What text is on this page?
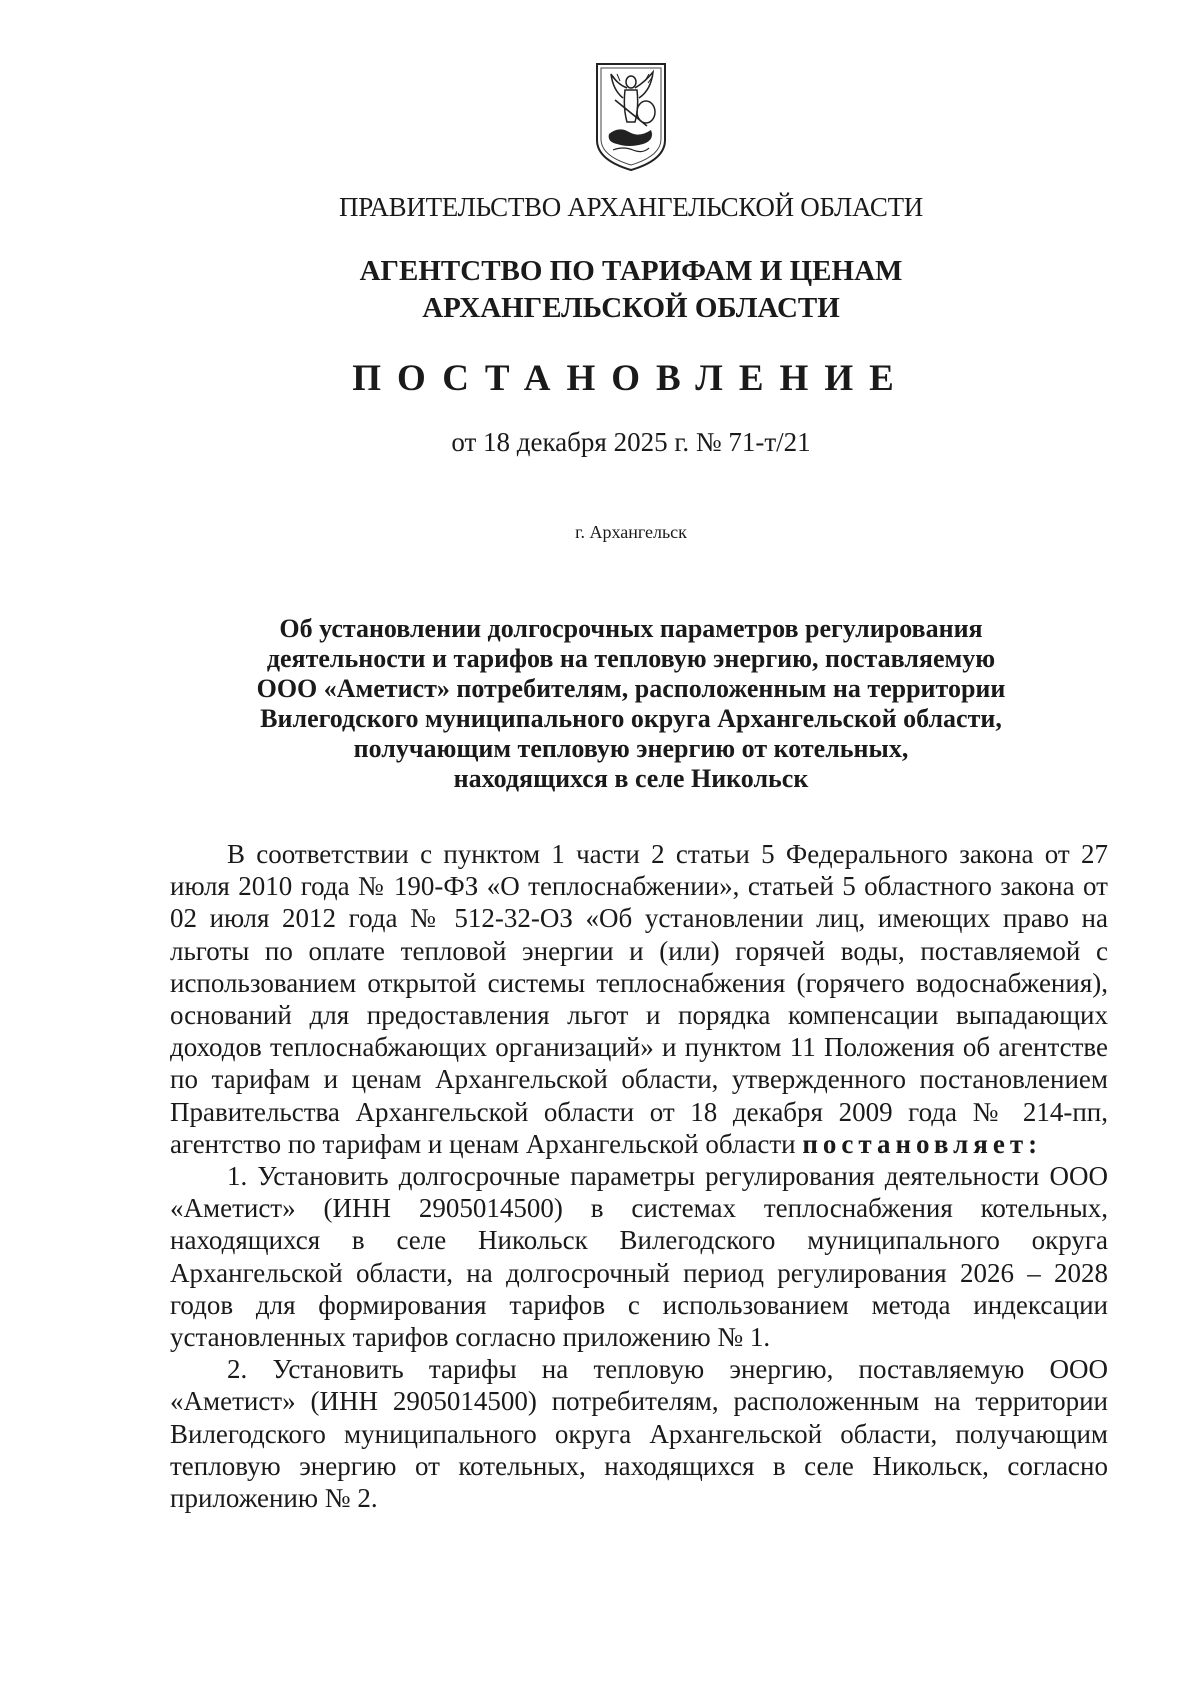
ПРАВИТЕЛЬСТВО АРХАНГЕЛЬСКОЙ ОБЛАСТИ
АГЕНТСТВО ПО ТАРИФАМ И ЦЕНАМ
АРХАНГЕЛЬСКОЙ ОБЛАСТИ
ПОСТАНОВЛЕНИЕ
от 18 декабря 2025 г. № 71-т/21
г. Архангельск
Об установлении долгосрочных параметров регулирования
деятельности и тарифов на тепловую энергию, поставляемую
ООО «Аметист» потребителям, расположенным на территории
Вилегодского муниципального округа Архангельской области,
получающим тепловую энергию от котельных,
находящихся в селе Никольск

В соответствии с пунктом 1 части 2 статьи 5 Федерального закона от 27 июля 2010 года № 190-ФЗ «О теплоснабжении», статьей 5 областного закона от 02 июля 2012 года № 512-32-ОЗ «Об установлении лиц, имеющих право на льготы по оплате тепловой энергии и (или) горячей воды, поставляемой с использованием открытой системы теплоснабжения (горячего водоснабжения), оснований для предоставления льгот и порядка компенсации выпадающих доходов теплоснабжающих организаций» и пунктом 11 Положения об агентстве по тарифам и ценам Архангельской области, утвержденного постановлением Правительства Архангельской области от 18 декабря 2009 года № 214-пп, агентство по тарифам и ценам Архангельской области постановляет:

1. Установить долгосрочные параметры регулирования деятельности ООО «Аметист» (ИНН 2905014500) в системах теплоснабжения котельных, находящихся в селе Никольск Вилегодского муниципального округа Архангельской области, на долгосрочный период регулирования 2026 – 2028 годов для формирования тарифов с использованием метода индексации установленных тарифов согласно приложению № 1.

2. Установить тарифы на тепловую энергию, поставляемую ООО «Аметист» (ИНН 2905014500) потребителям, расположенным на территории Вилегодского муниципального округа Архангельской области, получающим тепловую энергию от котельных, находящихся в селе Никольск, согласно приложению № 2.
